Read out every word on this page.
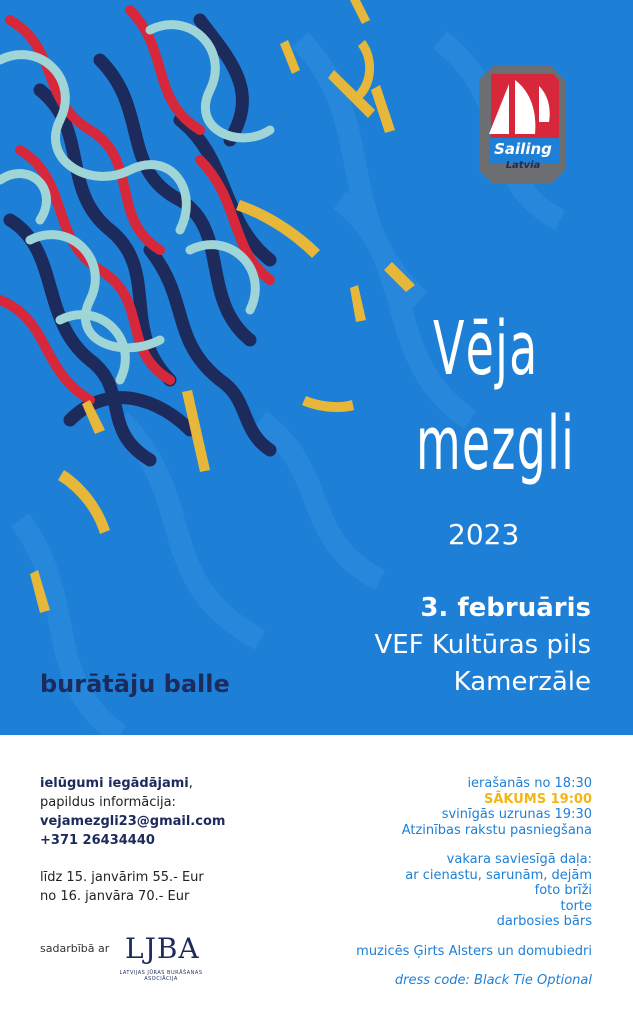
Sailing
Latvia
Vēja
mezgli
2023
3. februāris
VEF Kultūras pils
Kamerzāle
burātāju balle
ielūgumi iegādājami,
papildus informācija:
vejamezgli23@gmail.com
+371 26434440
līdz 15. janvārim 55.- Eur
no 16. janvāra 70.- Eur
sadarbībā ar LJBA
LATVIJAS JŪRAS BURĀŠANAS ASOCIĀCIJA
ierašanās no 18:30
SĀKUMS 19:00
svinīgās uzrunas 19:30
Atzinības rakstu pasniegšana
vakara saviesīgā daļa:
ar cienastu, sarunām, dejām
foto brīži
torte
darbosies bārs
muzicēs Ģirts Alsters un domubiedri
dress code: Black Tie Optional
